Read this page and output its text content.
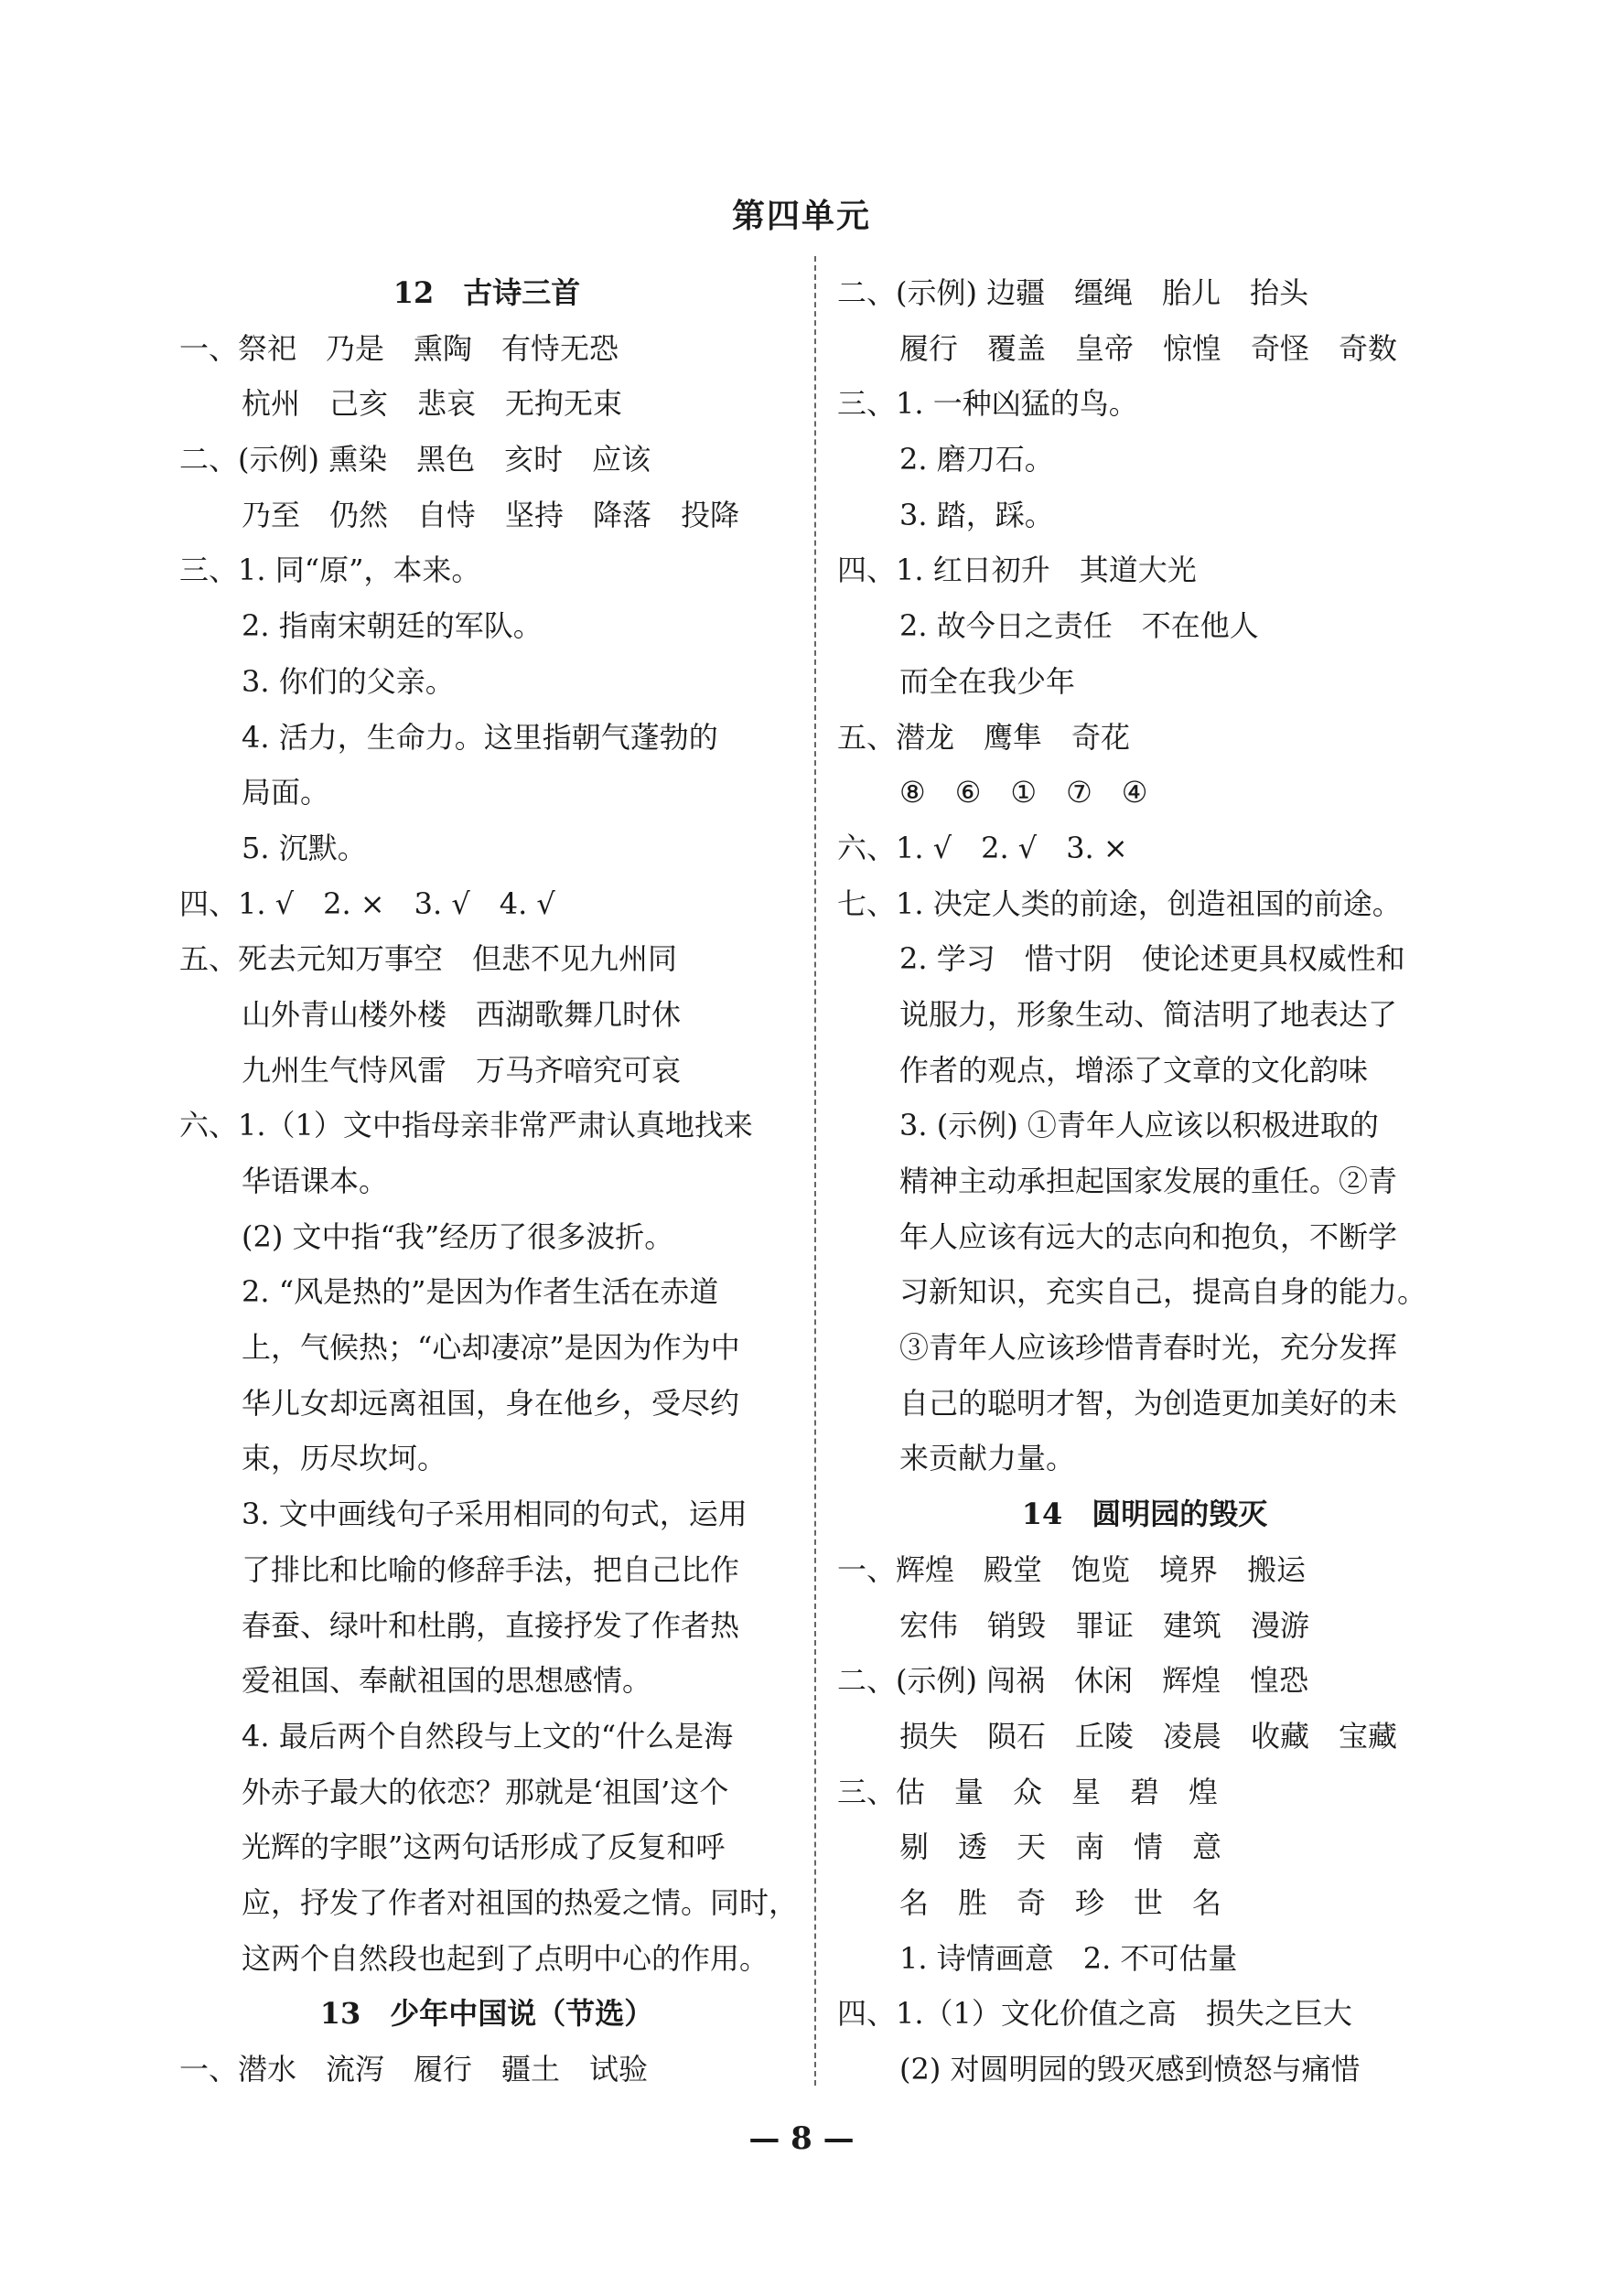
第四单元
12　古诗三首
一、祭祀　乃是　熏陶　有恃无恐
杭州　己亥　悲哀　无拘无束
二、(示例) 熏染　黑色　亥时　应该
乃至　仍然　自恃　坚持　降落　投降
三、1. 同“原”，本来。
2. 指南宋朝廷的军队。
3. 你们的父亲。
4. 活力，生命力。这里指朝气蓬勃的
局面。
5. 沉默。
四、1. √　2. ×　3. √　4. √
五、死去元知万事空　但悲不见九州同
山外青山楼外楼　西湖歌舞几时休
九州生气恃风雷　万马齐喑究可哀
六、1.（1）文中指母亲非常严肃认真地找来
华语课本。
(2) 文中指“我”经历了很多波折。
2. “风是热的”是因为作者生活在赤道
上，气候热；“心却凄凉”是因为作为中
华儿女却远离祖国，身在他乡，受尽约
束，历尽坎坷。
3. 文中画线句子采用相同的句式，运用
了排比和比喻的修辞手法，把自己比作
春蚕、绿叶和杜鹃，直接抒发了作者热
爱祖国、奉献祖国的思想感情。
4. 最后两个自然段与上文的“什么是海
外赤子最大的依恋？那就是‘祖国’这个
光辉的字眼”这两句话形成了反复和呼
应，抒发了作者对祖国的热爱之情。同时，
这两个自然段也起到了点明中心的作用。
13　少年中国说（节选）
一、潜水　流泻　履行　疆土　试验
二、(示例) 边疆　缰绳　胎儿　抬头
履行　覆盖　皇帝　惊惶　奇怪　奇数
三、1. 一种凶猛的鸟。
2. 磨刀石。
3. 踏，踩。
四、1. 红日初升　其道大光
2. 故今日之责任　不在他人
而全在我少年
五、潜龙　鹰隼　奇花
⑧　⑥　①　⑦　④
六、1. √　2. √　3. ×
七、1. 决定人类的前途，创造祖国的前途。
2. 学习　惜寸阴　使论述更具权威性和
说服力，形象生动、简洁明了地表达了
作者的观点，增添了文章的文化韵味
3. (示例) ①青年人应该以积极进取的
精神主动承担起国家发展的重任。②青
年人应该有远大的志向和抱负，不断学
习新知识，充实自己，提高自身的能力。
③青年人应该珍惜青春时光，充分发挥
自己的聪明才智，为创造更加美好的未
来贡献力量。
14　圆明园的毁灭
一、辉煌　殿堂　饱览　境界　搬运
宏伟　销毁　罪证　建筑　漫游
二、(示例) 闯祸　休闲　辉煌　惶恐
损失　陨石　丘陵　凌晨　收藏　宝藏
三、估　量　众　星　碧　煌
剔　透　天　南　情　意
名　胜　奇　珍　世　名
1. 诗情画意　2. 不可估量
四、1.（1）文化价值之高　损失之巨大
(2) 对圆明园的毁灭感到愤怒与痛惜
— 8 —
